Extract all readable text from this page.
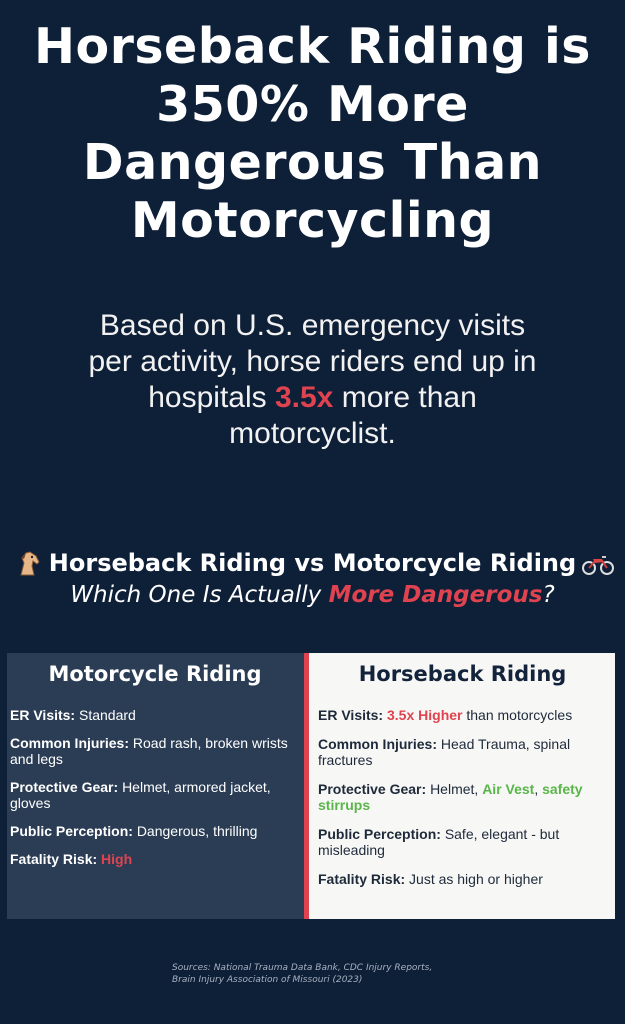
Horseback Riding is 350% More Dangerous Than Motorcycling

Based on U.S. emergency visits per activity, horse riders end up in hospitals 3.5x more than motorcyclist.

Horseback Riding vs Motorcycle Riding
Which One Is Actually More Dangerous?
Motorcycle Riding
ER Visits: Standard
Common Injuries: Road rash, broken wrists and legs
Protective Gear: Helmet, armored jacket, gloves
Public Perception: Dangerous, thrilling
Fatality Risk: High
Horseback Riding
ER Visits: 3.5x Higher than motorcycles
Common Injuries: Head Trauma, spinal fractures
Protective Gear: Helmet, Air Vest, safety stirrups
Public Perception: Safe, elegant - but misleading
Fatality Risk: Just as high or higher
Sources: National Trauma Data Bank, CDC Injury Reports,
Brain Injury Association of Missouri (2023)
